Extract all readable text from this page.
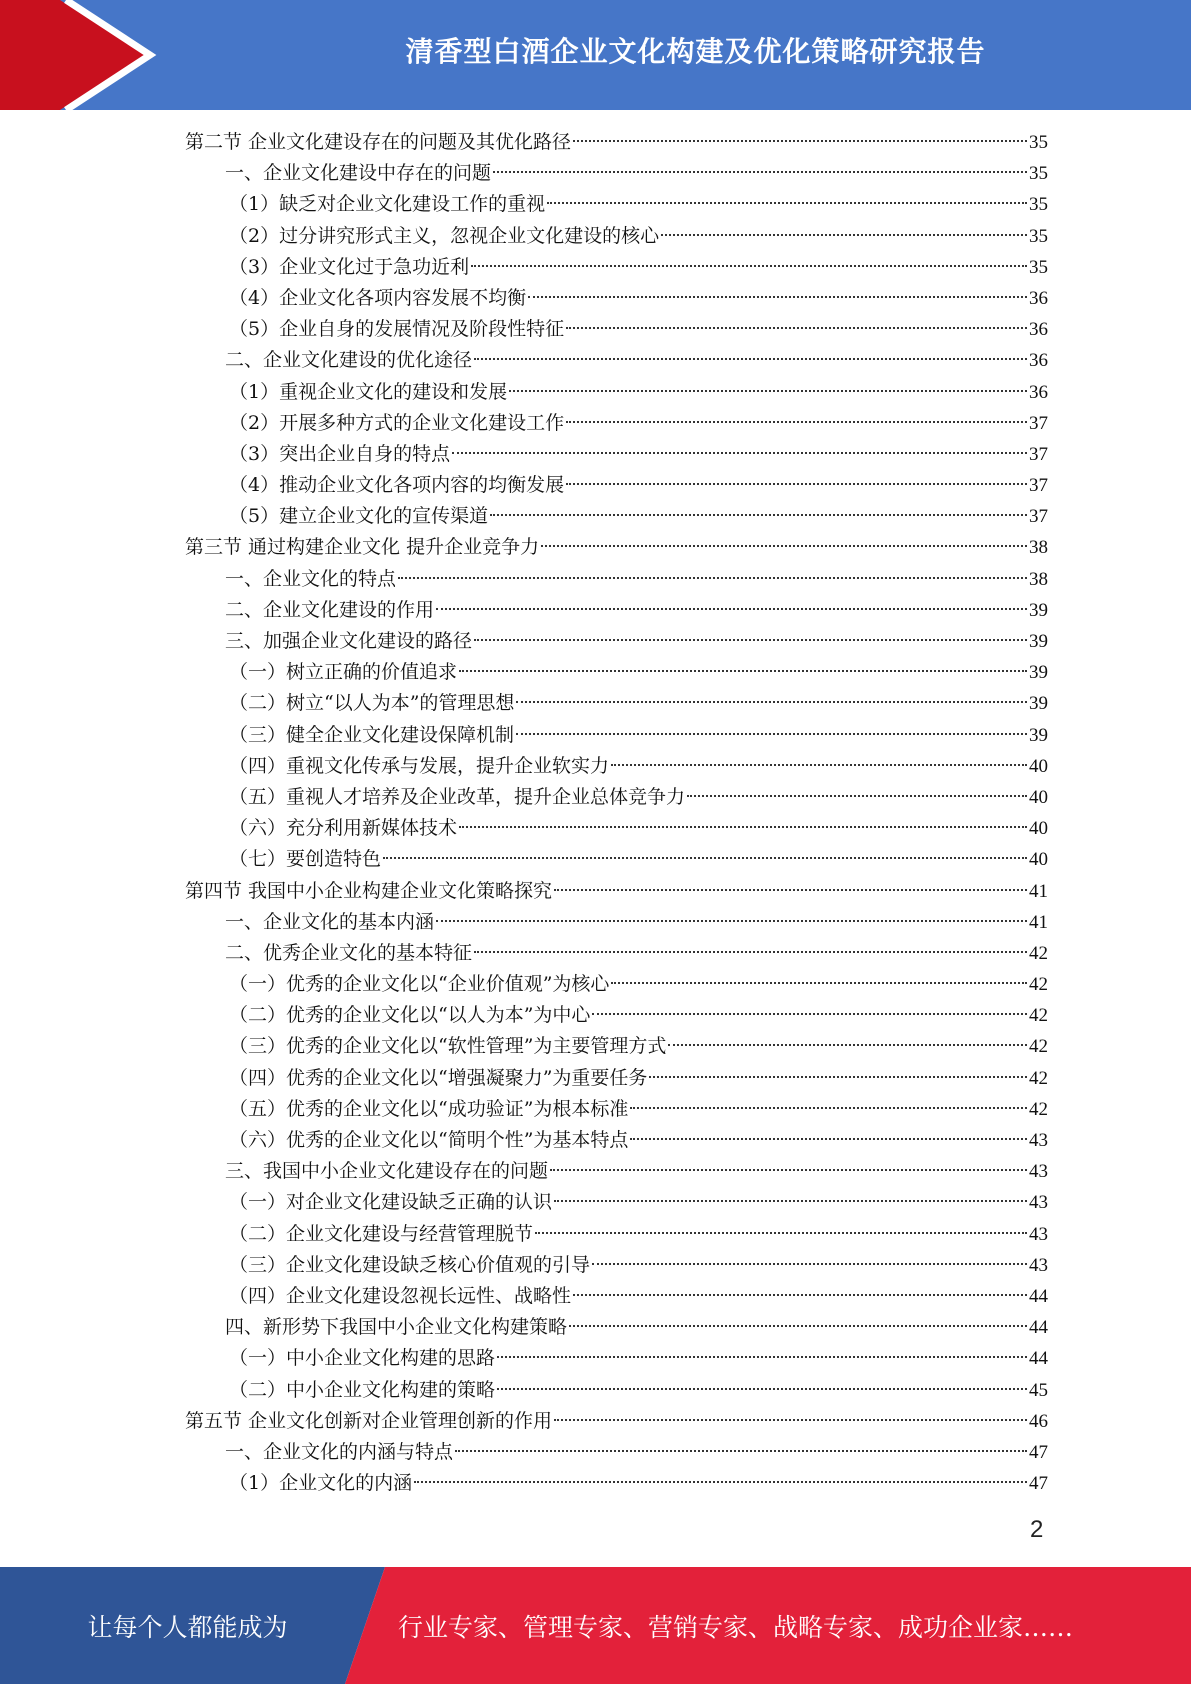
清香型白酒企业文化构建及优化策略研究报告
第二节 企业文化建设存在的问题及其优化路径	35
一、企业文化建设中存在的问题	35
（1）缺乏对企业文化建设工作的重视	35
（2）过分讲究形式主义，忽视企业文化建设的核心	35
（3）企业文化过于急功近利	35
（4）企业文化各项内容发展不均衡	36
（5）企业自身的发展情况及阶段性特征	36
二、企业文化建设的优化途径	36
（1）重视企业文化的建设和发展	36
（2）开展多种方式的企业文化建设工作	37
（3）突出企业自身的特点	37
（4）推动企业文化各项内容的均衡发展	37
（5）建立企业文化的宣传渠道	37
第三节 通过构建企业文化 提升企业竞争力	38
一、企业文化的特点	38
二、企业文化建设的作用	39
三、加强企业文化建设的路径	39
（一）树立正确的价值追求	39
（二）树立“以人为本”的管理思想	39
（三）健全企业文化建设保障机制	39
（四）重视文化传承与发展，提升企业软实力	40
（五）重视人才培养及企业改革，提升企业总体竞争力	40
（六）充分利用新媒体技术	40
（七）要创造特色	40
第四节 我国中小企业构建企业文化策略探究	41
一、企业文化的基本内涵	41
二、优秀企业文化的基本特征	42
（一）优秀的企业文化以“企业价值观”为核心	42
（二）优秀的企业文化以“以人为本”为中心	42
（三）优秀的企业文化以“软性管理”为主要管理方式	42
（四）优秀的企业文化以“增强凝聚力”为重要任务	42
（五）优秀的企业文化以“成功验证”为根本标准	42
（六）优秀的企业文化以“简明个性”为基本特点	43
三、我国中小企业文化建设存在的问题	43
（一）对企业文化建设缺乏正确的认识	43
（二）企业文化建设与经营管理脱节	43
（三）企业文化建设缺乏核心价值观的引导	43
（四）企业文化建设忽视长远性、战略性	44
四、新形势下我国中小企业文化构建策略	44
（一）中小企业文化构建的思路	44
（二）中小企业文化构建的策略	45
第五节 企业文化创新对企业管理创新的作用	46
一、企业文化的内涵与特点	47
（1）企业文化的内涵	47
2
让每个人都能成为	行业专家、管理专家、营销专家、战略专家、成功企业家……
